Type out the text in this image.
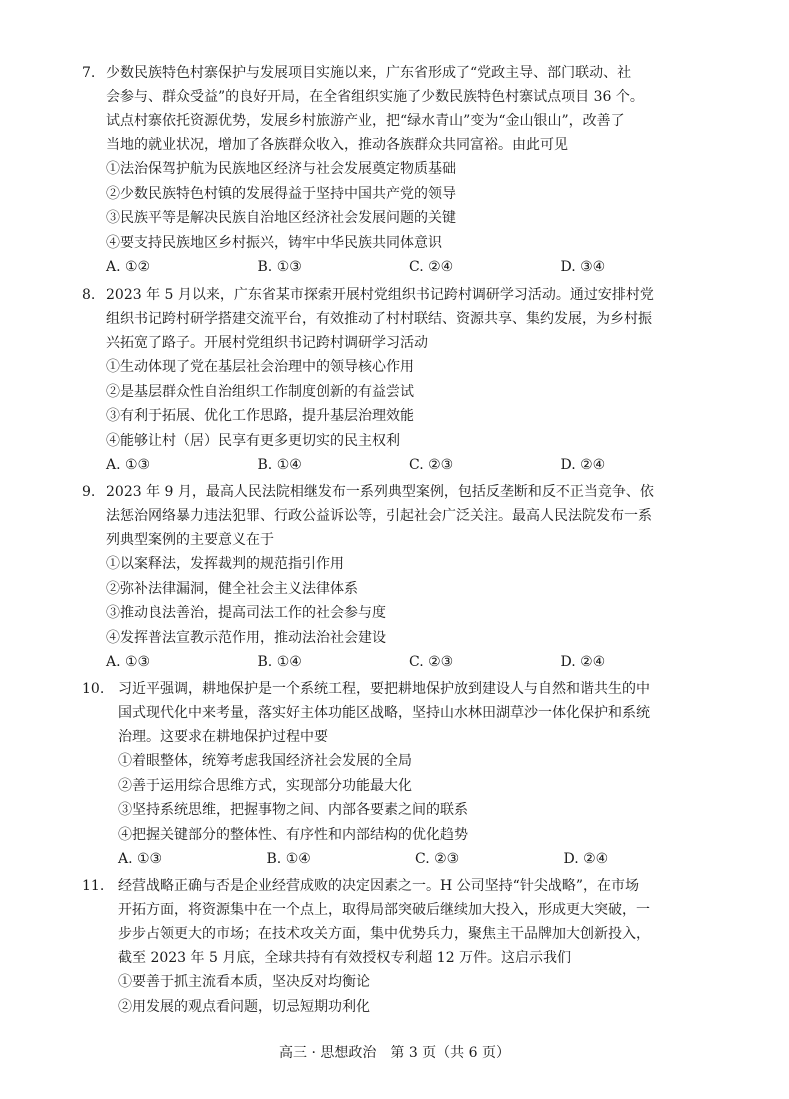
7. 少数民族特色村寨保护与发展项目实施以来，广东省形成了“党政主导、部门联动、社
会参与、群众受益”的良好开局，在全省组织实施了少数民族特色村寨试点项目 36 个。
试点村寨依托资源优势，发展乡村旅游产业，把“绿水青山”变为“金山银山”，改善了
当地的就业状况，增加了各族群众收入，推动各族群众共同富裕。由此可见
①法治保驾护航为民族地区经济与社会发展奠定物质基础
②少数民族特色村镇的发展得益于坚持中国共产党的领导
③民族平等是解决民族自治地区经济社会发展问题的关键
④要支持民族地区乡村振兴，铸牢中华民族共同体意识
A. ①②	B. ①③	C. ②④	D. ③④
8. 2023 年 5 月以来，广东省某市探索开展村党组织书记跨村调研学习活动。通过安排村党
组织书记跨村研学搭建交流平台，有效推动了村村联结、资源共享、集约发展，为乡村振
兴拓宽了路子。开展村党组织书记跨村调研学习活动
①生动体现了党在基层社会治理中的领导核心作用
②是基层群众性自治组织工作制度创新的有益尝试
③有利于拓展、优化工作思路，提升基层治理效能
④能够让村（居）民享有更多更切实的民主权利
A. ①③	B. ①④	C. ②③	D. ②④
9. 2023 年 9 月，最高人民法院相继发布一系列典型案例，包括反垄断和反不正当竞争、依
法惩治网络暴力违法犯罪、行政公益诉讼等，引起社会广泛关注。最高人民法院发布一系
列典型案例的主要意义在于
①以案释法，发挥裁判的规范指引作用
②弥补法律漏洞，健全社会主义法律体系
③推动良法善治，提高司法工作的社会参与度
④发挥普法宣教示范作用，推动法治社会建设
A. ①③	B. ①④	C. ②③	D. ②④
10. 习近平强调，耕地保护是一个系统工程，要把耕地保护放到建设人与自然和谐共生的中
国式现代化中来考量，落实好主体功能区战略，坚持山水林田湖草沙一体化保护和系统
治理。这要求在耕地保护过程中要
①着眼整体，统筹考虑我国经济社会发展的全局
②善于运用综合思维方式，实现部分功能最大化
③坚持系统思维，把握事物之间、内部各要素之间的联系
④把握关键部分的整体性、有序性和内部结构的优化趋势
A. ①③	B. ①④	C. ②③	D. ②④
11. 经营战略正确与否是企业经营成败的决定因素之一。H 公司坚持“针尖战略”，在市场
开拓方面，将资源集中在一个点上，取得局部突破后继续加大投入，形成更大突破，一
步步占领更大的市场；在技术攻关方面，集中优势兵力，聚焦主干品牌加大创新投入，
截至 2023 年 5 月底，全球共持有有效授权专利超 12 万件。这启示我们
①要善于抓主流看本质，坚决反对均衡论
②用发展的观点看问题，切忌短期功利化
高三 · 思想政治　第 3 页（共 6 页）
